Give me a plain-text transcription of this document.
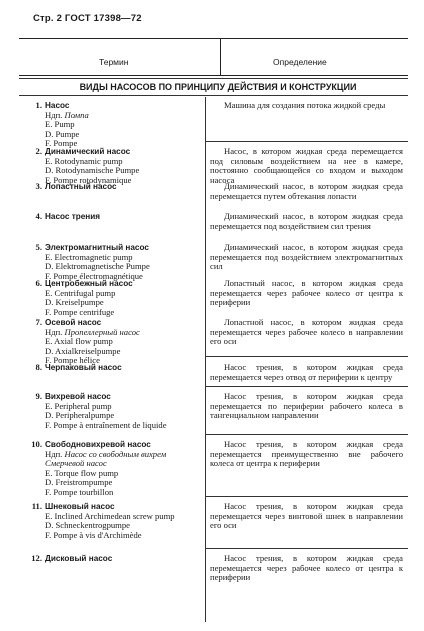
Стр. 2 ГОСТ 17398—72
Термин	Определение
ВИДЫ НАСОСОВ ПО ПРИНЦИПУ ДЕЙСТВИЯ И КОНСТРУКЦИИ
1. Насос
Ндп. Помпа
E. Pump
D. Pumpe
F. Pompe
Машина для создания потока жидкой среды
2. Динамический насос
E. Rotodynamic pump
D. Rotodynamische Pumpe
F. Pompe rotodynamique
Насос, в котором жидкая среда перемещается под силовым воздействием на нее в камере, постоянно сообщающейся со входом и выходом насоса
3. Лопастный насос	Динамический насос, в котором жидкая среда перемещается путем обтекания лопасти
4. Насос трения	Динамический насос, в котором жидкая среда перемещается под воздействием сил трения
5. Электромагнитный насос
E. Electromagnetic pump
D. Elektromagnetische Pumpe
F. Pompe électromagnétique
Динамический насос, в котором жидкая среда перемещается под воздействием электромагнитных сил
6. Центробежный насос
E. Centrifugal pump
D. Kreiselpumpe
F. Pompe centrifuge
Лопастный насос, в котором жидкая среда перемещается через рабочее колесо от центра к периферии
7. Осевой насос
Ндп. Пропеллерный насос
E. Axial flow pump
D. Axialkreiselpumpe
F. Pompe hélice
Лопастной насос, в котором жидкая среда перемещается через рабочее колесо в направлении его оси
8. Черпаковый насос	Насос трения, в котором жидкая среда перемещается через отвод от периферии к центру
9. Вихревой насос
E. Peripheral pump
D. Peripheralpumpe
F. Pompe à entraînement de liquide
Насос трения, в котором жидкая среда перемещается по периферии рабочего колеса в тангенциальном направлении
10. Свободновихревой насос
Ндп. Насос со свободным вихрем
Смерчевой насос
E. Torque flow pump
D. Freistrompumpe
F. Pompe tourbillon
Насос трения, в котором жидкая среда перемещается преимущественно вне рабочего колеса от центра к периферии
11. Шнековый насос
E. Inclined Archimedean screw pump
D. Schneckentrogpumpe
F. Pompe à vis d'Archimède
Насос трения, в котором жидкая среда перемещается через винтовой шнек в направлении его оси
12. Дисковый насос	Насос трения, в котором жидкая среда перемещается через рабочее колесо от центра к периферии
